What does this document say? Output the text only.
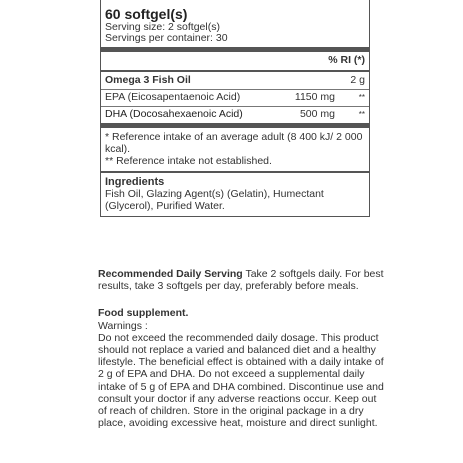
60 softgel(s)
Serving size: 2 softgel(s)
Servings per container: 30
% RI (*)
Omega 3 Fish Oil	2 g
EPA (Eicosapentaenoic Acid)	1150 mg	**
DHA (Docosahexaenoic Acid)	500 mg	**
* Reference intake of an average adult (8 400 kJ/ 2 000 kcal).
** Reference intake not established.
Ingredients
Fish Oil, Glazing Agent(s) (Gelatin), Humectant (Glycerol), Purified Water.
Recommended Daily Serving Take 2 softgels daily. For best results, take 3 softgels per day, preferably before meals.
Food supplement.
Warnings :
Do not exceed the recommended daily dosage. This product should not replace a varied and balanced diet and a healthy lifestyle. The beneficial effect is obtained with a daily intake of 2 g of EPA and DHA. Do not exceed a supplemental daily intake of 5 g of EPA and DHA combined. Discontinue use and consult your doctor if any adverse reactions occur. Keep out of reach of children. Store in the original package in a dry place, avoiding excessive heat, moisture and direct sunlight.
